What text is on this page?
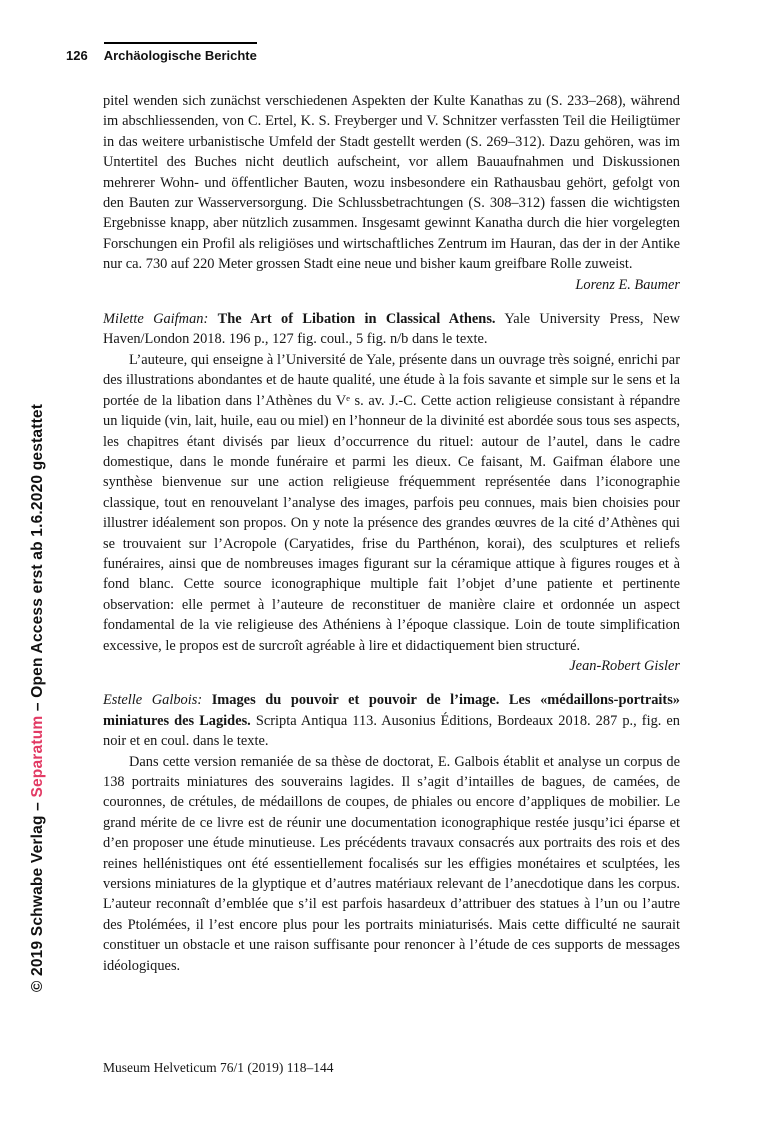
© 2019 Schwabe Verlag – Separatum – Open Access erst ab 1.6.2020 gestattet
126 Archäologische Berichte

pitel wenden sich zunächst verschiedenen Aspekten der Kulte Kanathas zu (S. 233–268), während im abschliessenden, von C. Ertel, K. S. Freyberger und V. Schnitzer verfassten Teil die Heiligtümer in das weitere urbanistische Umfeld der Stadt gestellt werden (S. 269–312). Dazu gehören, was im Untertitel des Buches nicht deutlich aufscheint, vor allem Bauaufnahmen und Diskussionen mehrerer Wohn- und öffentlicher Bauten, wozu insbesondere ein Rathausbau gehört, gefolgt von den Bauten zur Wasserversorgung. Die Schlussbetrachtungen (S. 308–312) fassen die wichtigsten Ergebnisse knapp, aber nützlich zusammen. Insgesamt gewinnt Kanatha durch die hier vorgelegten Forschungen ein Profil als religiöses und wirtschaftliches Zentrum im Hauran, das der in der Antike nur ca. 730 auf 220 Meter grossen Stadt eine neue und bisher kaum greifbare Rolle zuweist.

Lorenz E. Baumer

Milette Gaifman: The Art of Libation in Classical Athens. Yale University Press, New Haven/London 2018. 196 p., 127 fig. coul., 5 fig. n/b dans le texte.

L’auteure, qui enseigne à l’Université de Yale, présente dans un ouvrage très soigné, enrichi par des illustrations abondantes et de haute qualité, une étude à la fois savante et simple sur le sens et la portée de la libation dans l’Athènes du Vᵉ s. av. J.-C. Cette action religieuse consistant à répandre un liquide (vin, lait, huile, eau ou miel) en l’honneur de la divinité est abordée sous tous ses aspects, les chapitres étant divisés par lieux d’occurrence du rituel: autour de l’autel, dans le cadre domestique, dans le monde funéraire et parmi les dieux. Ce faisant, M. Gaifman élabore une synthèse bienvenue sur une action religieuse fréquemment représentée dans l’iconographie classique, tout en renouvelant l’analyse des images, parfois peu connues, mais bien choisies pour illustrer idéalement son propos. On y note la présence des grandes œuvres de la cité d’Athènes qui se trouvaient sur l’Acropole (Caryatides, frise du Parthénon, korai), des sculptures et reliefs funéraires, ainsi que de nombreuses images figurant sur la céramique attique à figures rouges et à fond blanc. Cette source iconographique multiple fait l’objet d’une patiente et pertinente observation: elle permet à l’auteure de reconstituer de manière claire et ordonnée un aspect fondamental de la vie religieuse des Athéniens à l’époque classique. Loin de toute simplification excessive, le propos est de surcroît agréable à lire et didactiquement bien structuré.

Jean-Robert Gisler

Estelle Galbois: Images du pouvoir et pouvoir de l’image. Les «médaillons-portraits» miniatures des Lagides. Scripta Antiqua 113. Ausonius Éditions, Bordeaux 2018. 287 p., fig. en noir et en coul. dans le texte.

Dans cette version remaniée de sa thèse de doctorat, E. Galbois établit et analyse un corpus de 138 portraits miniatures des souverains lagides. Il s’agit d’intailles de bagues, de camées, de couronnes, de crétules, de médaillons de coupes, de phiales ou encore d’appliques de mobilier. Le grand mérite de ce livre est de réunir une documentation iconographique restée jusqu’ici éparse et d’en proposer une étude minutieuse. Les précédents travaux consacrés aux portraits des rois et des reines hellénistiques ont été essentiellement focalisés sur les effigies monétaires et sculptées, les versions miniatures de la glyptique et d’autres matériaux relevant de l’anecdotique dans les corpus. L’auteur reconnaît d’emblée que s’il est parfois hasardeux d’attribuer des statues à l’un ou l’autre des Ptolémées, il l’est encore plus pour les portraits miniaturisés. Mais cette difficulté ne saurait constituer un obstacle et une raison suffisante pour renoncer à l’étude de ces supports de messages idéologiques.

Museum Helveticum 76/1 (2019) 118–144
